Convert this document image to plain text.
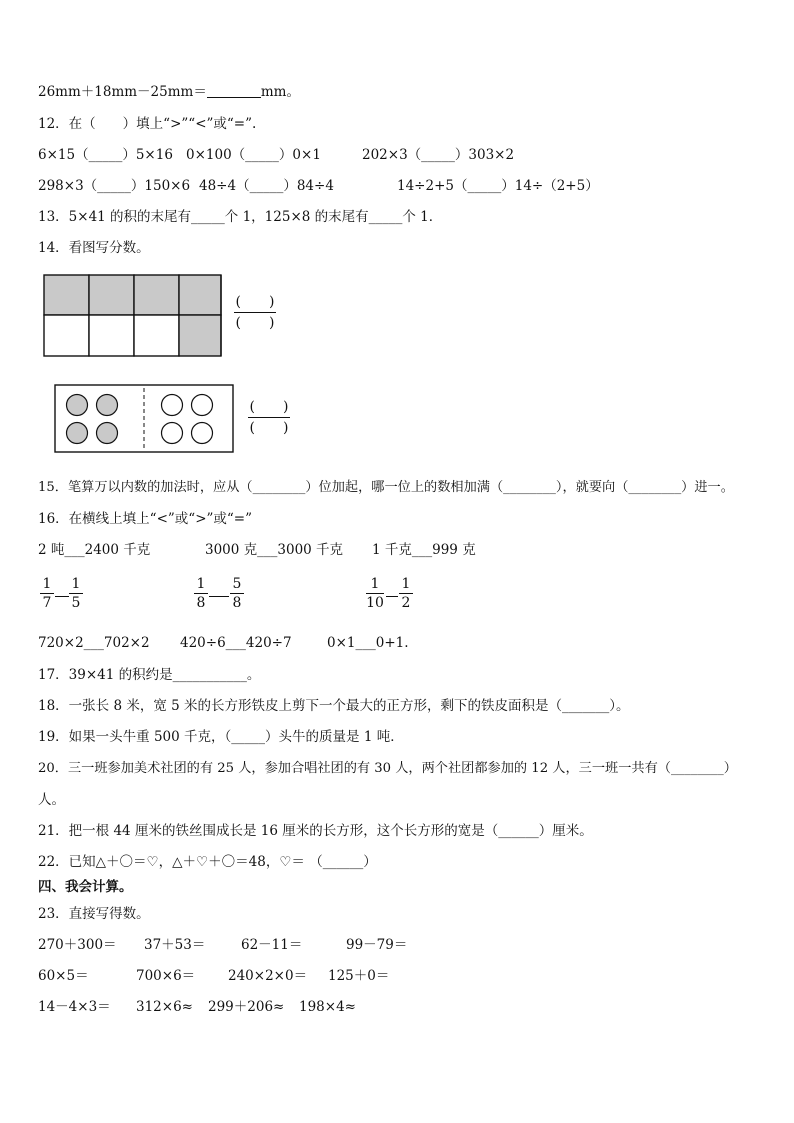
26mm＋18mm－25mm＝	mm。
12．在（　　）填上“>”“<”或“=”.
6×15（_____）5×16 0×100（_____）0×1	202×3（_____）303×2
298×3（_____）150×6 48÷4（_____）84÷4	14÷2+5（_____）14÷（2+5）
13．5×41 的积的末尾有_____个 1，125×8 的末尾有_____个 1．
14．看图写分数。
(　　)
(　　)
(　　)
(　　)
15．笔算万以内数的加法时，应从（________）位加起，哪一位上的数相加满（________），就要向（________）进一。
16．在横线上填上“<”或“>”或“=”
2 吨___2400 千克	3000 克___3000 千克 1 千克___999 克
1
7
1
5
1
8
5
8
1
10
1
2
720×2___702×2 420÷6___420÷7	0×1___0+1.
17．39×41 的积约是___________。
18．一张长 8 米，宽 5 米的长方形铁皮上剪下一个最大的正方形，剩下的铁皮面积是（_______）。
19．如果一头牛重 500 千克，（_____）头牛的质量是 1 吨．
20．三一班参加美术社团的有 25 人，参加合唱社团的有 30 人，两个社团都参加的 12 人，三一班一共有（________）
人。
21．把一根 44 厘米的铁丝围成长是 16 厘米的长方形，这个长方形的宽是（______）厘米。
22．已知△＋〇＝♡，△＋♡＋〇＝48，♡＝ （______）
四、我会计算。
23．直接写得数。
270＋300＝ 37＋53＝	62－11＝	99－79＝
60×5＝	700×6＝ 240×2×0＝ 125＋0＝
14－4×3＝ 312×6≈ 299＋206≈ 198×4≈
